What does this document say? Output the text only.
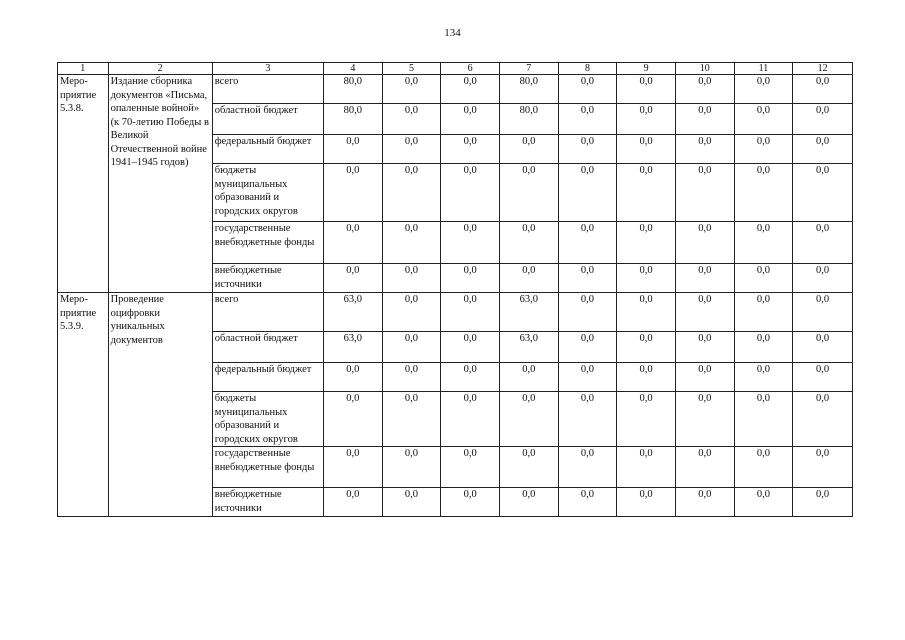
134
1	2	3	4	5	6	7	8	9	10	11	12
Меро-
приятие
5.3.8.	Издание сборника документов «Письма, опаленные войной» (к 70-летию Победы в Великой Отечественной войне 1941–1945 годов)	всего	80,0	0,0	0,0	80,0	0,0	0,0	0,0	0,0	0,0
		областной бюджет	80,0	0,0	0,0	80,0	0,0	0,0	0,0	0,0	0,0
		федеральный бюджет	0,0	0,0	0,0	0,0	0,0	0,0	0,0	0,0	0,0
		бюджеты муниципальных образований и городских округов	0,0	0,0	0,0	0,0	0,0	0,0	0,0	0,0	0,0
		государственные внебюджетные фонды	0,0	0,0	0,0	0,0	0,0	0,0	0,0	0,0	0,0
		внебюджетные источники	0,0	0,0	0,0	0,0	0,0	0,0	0,0	0,0	0,0
Меро-
приятие
5.3.9.	Проведение оцифровки уникальных документов	всего	63,0	0,0	0,0	63,0	0,0	0,0	0,0	0,0	0,0
		областной бюджет	63,0	0,0	0,0	63,0	0,0	0,0	0,0	0,0	0,0
		федеральный бюджет	0,0	0,0	0,0	0,0	0,0	0,0	0,0	0,0	0,0
		бюджеты муниципальных образований и городских округов	0,0	0,0	0,0	0,0	0,0	0,0	0,0	0,0	0,0
		государственные внебюджетные фонды	0,0	0,0	0,0	0,0	0,0	0,0	0,0	0,0	0,0
		внебюджетные источники	0,0	0,0	0,0	0,0	0,0	0,0	0,0	0,0	0,0
